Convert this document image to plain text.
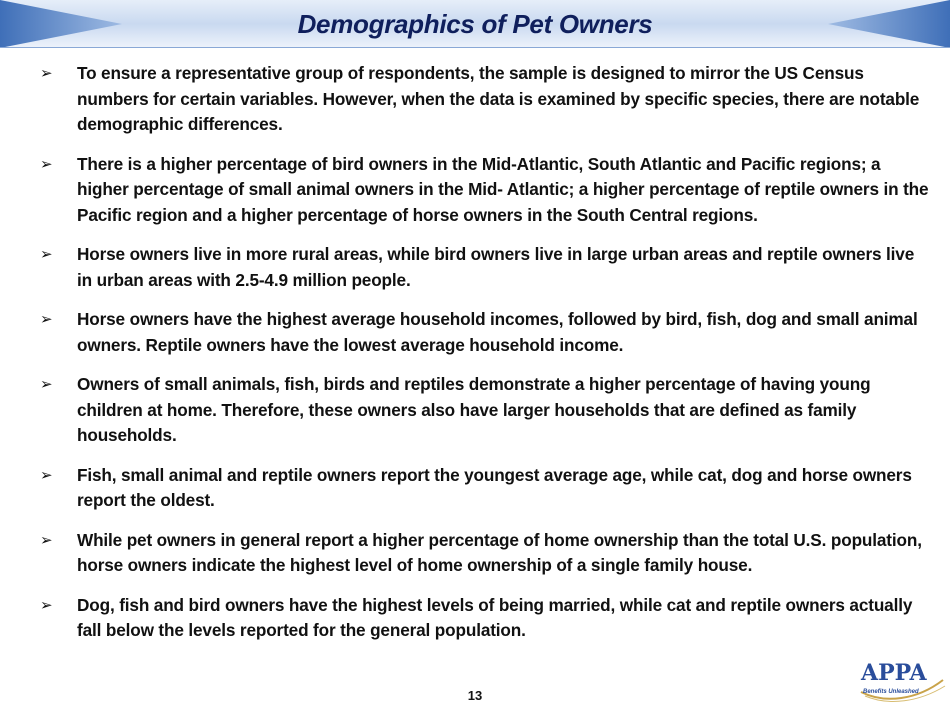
Demographics of Pet Owners
➢ To ensure a representative group of respondents, the sample is designed to mirror the US Census numbers for certain variables. However, when the data is examined by specific species, there are notable demographic differences.
➢ There is a higher percentage of bird owners in the Mid-Atlantic, South Atlantic and Pacific regions; a higher percentage of small animal owners in the Mid- Atlantic; a higher percentage of reptile owners in the Pacific region and a higher percentage of horse owners in the South Central regions.
➢ Horse owners live in more rural areas, while bird owners live in large urban areas and reptile owners live in urban areas with 2.5-4.9 million people.
➢ Horse owners have the highest average household incomes, followed by bird, fish, dog and small animal owners. Reptile owners have the lowest average household income.
➢ Owners of small animals, fish, birds and reptiles demonstrate a higher percentage of having young children at home. Therefore, these owners also have larger households that are defined as family households.
➢ Fish, small animal and reptile owners report the youngest average age, while cat, dog and horse owners report the oldest.
➢ While pet owners in general report a higher percentage of home ownership than the total U.S. population, horse owners indicate the highest level of home ownership of a single family house.
➢ Dog, fish and bird owners have the highest levels of being married, while cat and reptile owners actually fall below the levels reported for the general population.
13
APPA
Benefits Unleashed
